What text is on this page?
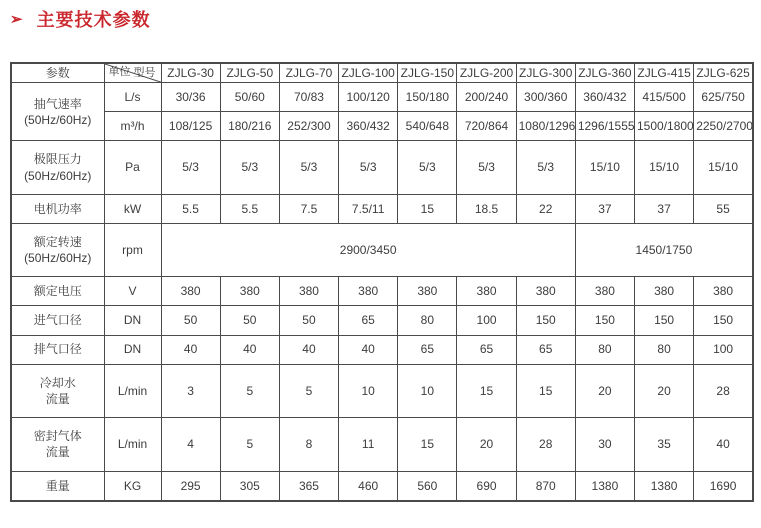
➢ 主要技术参数
参数	型号
单位	ZJLG-30	ZJLG-50	ZJLG-70	ZJLG-100	ZJLG-150	ZJLG-200	ZJLG-300	ZJLG-360	ZJLG-415	ZJLG-625
抽气速率
(50Hz/60Hz)	L/s	30/36	50/60	70/83	100/120	150/180	200/240	300/360	360/432	415/500	625/750
	m³/h	108/125	180/216	252/300	360/432	540/648	720/864	1080/1296	1296/1555	1500/1800	2250/2700
极限压力
(50Hz/60Hz)	Pa	5/3	5/3	5/3	5/3	5/3	5/3	5/3	15/10	15/10	15/10
电机功率	kW	5.5	5.5	7.5	7.5/11	15	18.5	22	37	37	55
额定转速
(50Hz/60Hz)	rpm	2900/3450							1450/1750		
额定电压	V	380	380	380	380	380	380	380	380	380	380
进气口径	DN	50	50	50	65	80	100	150	150	150	150
排气口径	DN	40	40	40	40	65	65	65	80	80	100
冷却水
流量	L/min	3	5	5	10	10	15	15	20	20	28
密封气体
流量	L/min	4	5	8	11	15	20	28	30	35	40
重量	KG	295	305	365	460	560	690	870	1380	1380	1690
